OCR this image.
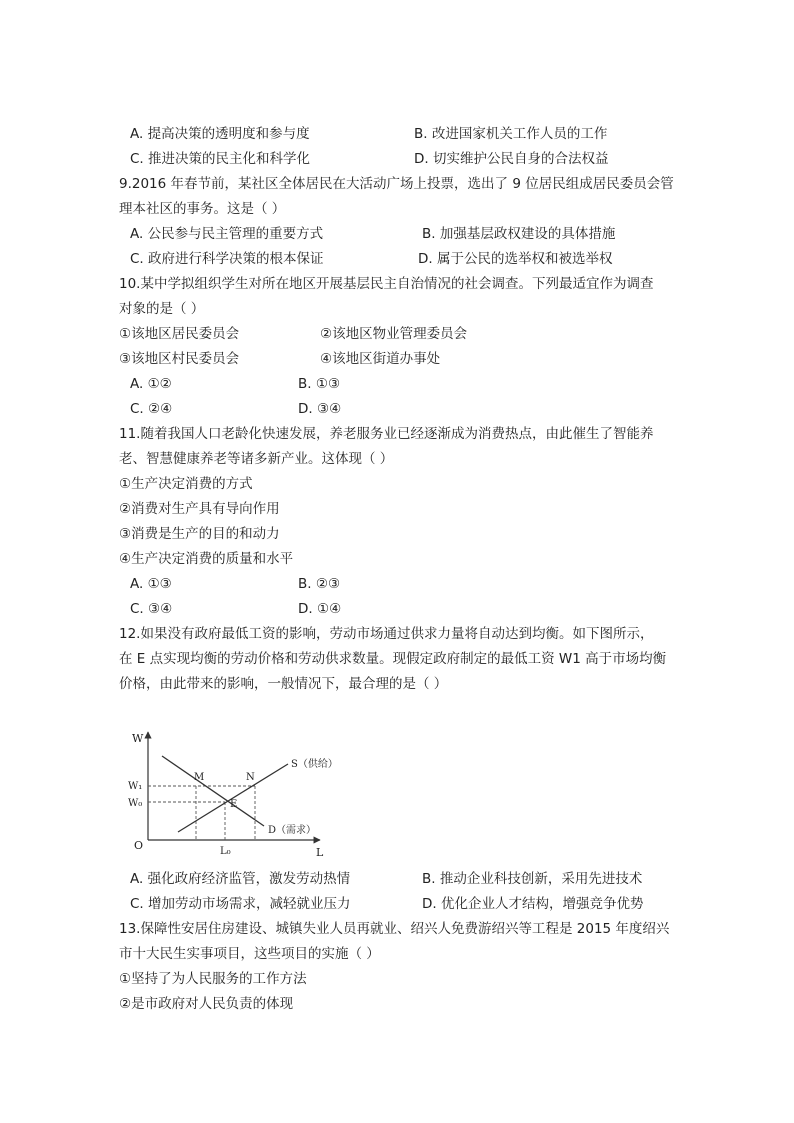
A. 提高决策的透明度和参与度	B. 改进国家机关工作人员的工作
C. 推进决策的民主化和科学化	D. 切实维护公民自身的合法权益
9.2016 年春节前，某社区全体居民在大活动广场上投票，选出了 9 位居民组成居民委员会管
理本社区的事务。这是（ ）
A. 公民参与民主管理的重要方式	B. 加强基层政权建设的具体措施
C. 政府进行科学决策的根本保证	D. 属于公民的选举权和被选举权
10.某中学拟组织学生对所在地区开展基层民主自治情况的社会调查。下列最适宜作为调查
对象的是（ ）
①该地区居民委员会	②该地区物业管理委员会
③该地区村民委员会	④该地区街道办事处
A. ①②	B. ①③
C. ②④	D. ③④
11.随着我国人口老龄化快速发展，养老服务业已经逐渐成为消费热点，由此催生了智能养
老、智慧健康养老等诸多新产业。这体现（ ）
①生产决定消费的方式
②消费对生产具有导向作用
③消费是生产的目的和动力
④生产决定消费的质量和水平
A. ①③	B. ②③
C. ③④	D. ①④
12.如果没有政府最低工资的影响，劳动市场通过供求力量将自动达到均衡。如下图所示，
在 E 点实现均衡的劳动价格和劳动供求数量。现假定政府制定的最低工资 W1 高于市场均衡
价格，由此带来的影响，一般情况下，最合理的是（ ）
W
L
O
W₁
W₀
L₀
M	N
E
S（供给）
D（需求）
A. 强化政府经济监管，激发劳动热情	B. 推动企业科技创新，采用先进技术
C. 增加劳动市场需求，减轻就业压力	D. 优化企业人才结构，增强竞争优势
13.保障性安居住房建设、城镇失业人员再就业、绍兴人免费游绍兴等工程是 2015 年度绍兴
市十大民生实事项目，这些项目的实施（ ）
①坚持了为人民服务的工作方法
②是市政府对人民负责的体现
